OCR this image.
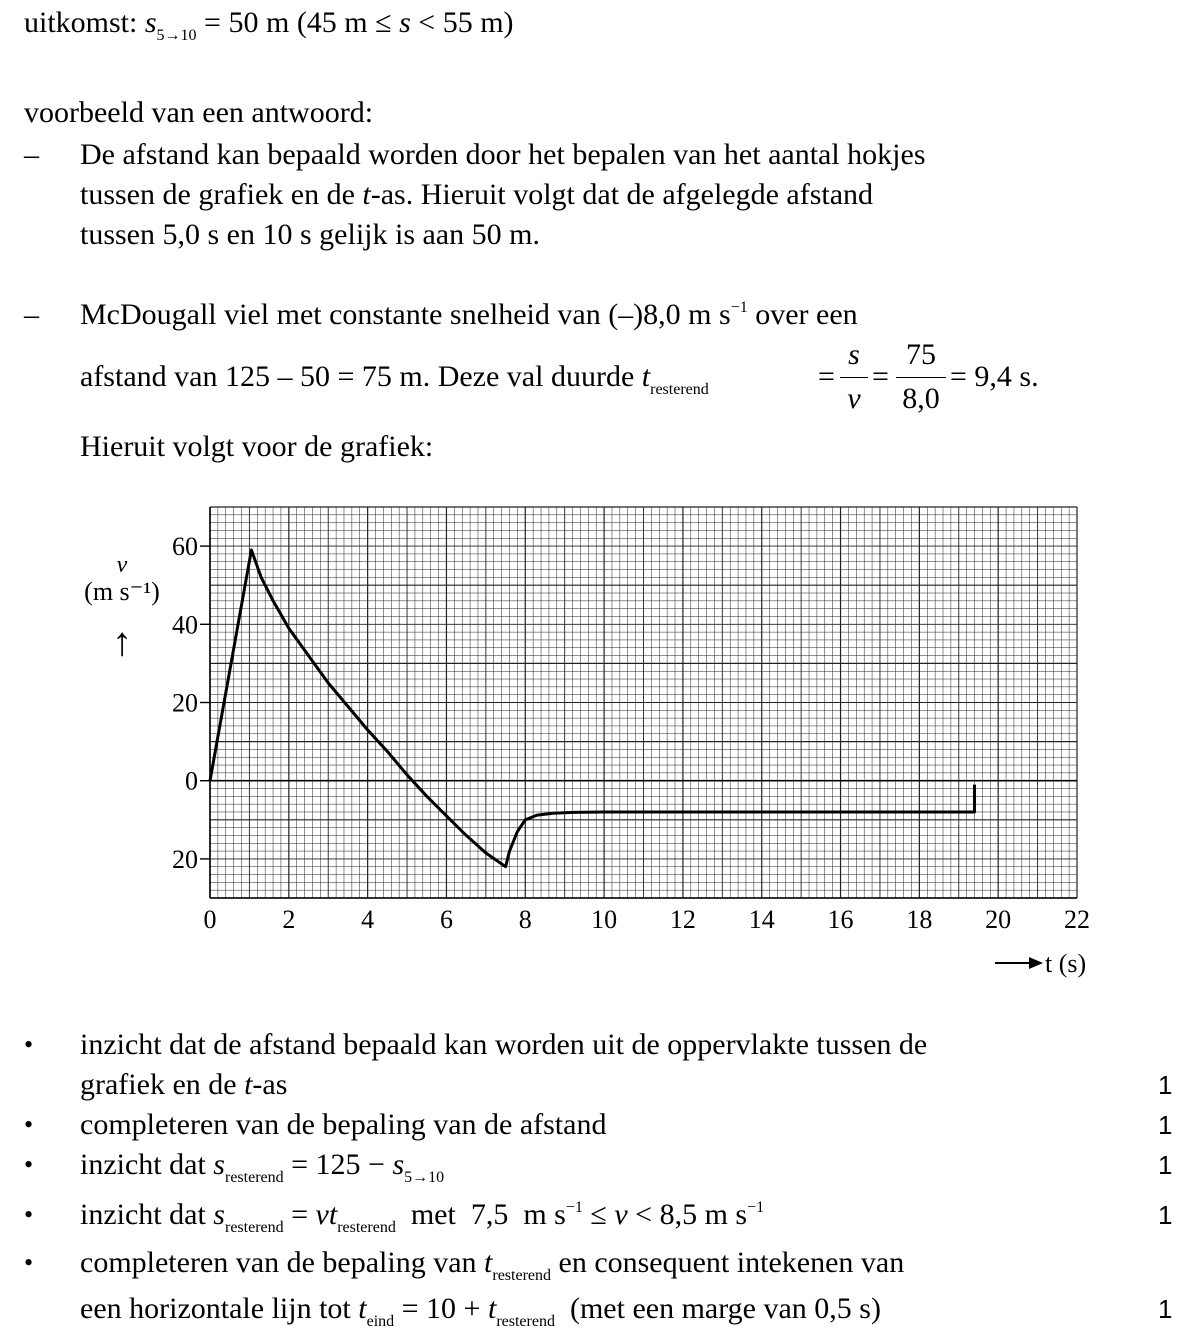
uitkomst: $s_{5\to 10} = 50$ m (45 m ≤ s < 55 m)
voorbeeld van een antwoord:
– De afstand kan bepaald worden door het bepalen van het aantal hokjes
tussen de grafiek en de t-as. Hieruit volgt dat de afgelegde afstand
tussen 5,0 s en 10 s gelijk is aan 50 m.
– McDougall viel met constante snelheid van (–)8,0 m $s^{-1}$ over een
afstand van 125 – 50 = 75 m. Deze val duurde $t_{resterend}$	=
s
v
=
75
8,0
= 9,4 s.
Hieruit volgt voor de grafiek:
0	2	4	6	8 10 12 14 16 18 20 22
60
40
20
0
20
v
(m s⁻¹)
↑
t (s)
• inzicht dat de afstand bepaald kan worden uit de oppervlakte tussen de
grafiek en de t-as	1
• completeren van de bepaling van de afstand	1
• inzicht dat $s_{resterend} = 125 - s_{5\to 10}$	1
• inzicht dat $s_{resterend} = vt_{resterend}$  met  7,5  m $s^{-1} \le v < 8,5$ m $s^{-1}$	1
• completeren van de bepaling van $t_{resterend}$ en consequent intekenen van
een horizontale lijn tot $t_{eind} = 10 + t_{resterend}$  (met een marge van 0,5 s)	1
